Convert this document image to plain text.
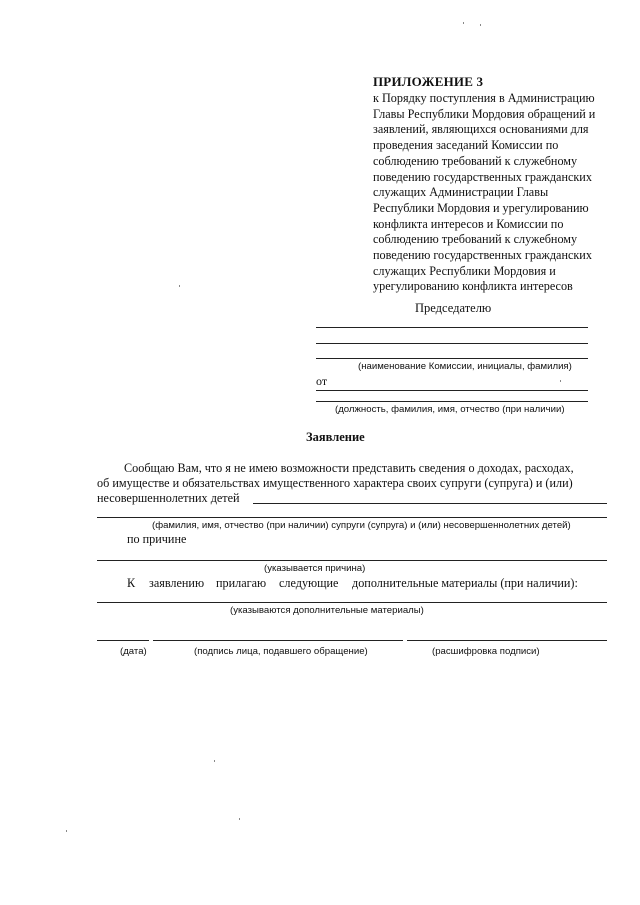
ПРИЛОЖЕНИЕ 3
к Порядку поступления в Администрацию
Главы Республики Мордовия обращений и
заявлений, являющихся основаниями для
проведения заседаний Комиссии по
соблюдению требований к служебному
поведению государственных гражданских
служащих Администрации Главы
Республики Мордовия и урегулированию
конфликта интересов и Комиссии по
соблюдению требований к служебному
поведению государственных гражданских
служащих Республики Мордовия и
урегулированию конфликта интересов
Председателю
(наименование Комиссии, инициалы, фамилия)
от
(должность, фамилия, имя, отчество (при наличии)
Заявление
Сообщаю Вам, что я не имею возможности представить сведения о доходах, расходах,
об имуществе и обязательствах имущественного характера своих супруги (супруга) и (или)
несовершеннолетних детей
(фамилия, имя, отчество (при наличии) супруги (супруга) и (или) несовершеннолетних детей)
по причине
(указывается причина)
К заявлению прилагаю следующие дополнительные материалы (при наличии):
(указываются дополнительные материалы)
(дата)	(подпись лица, подавшего обращение)	(расшифровка подписи)
